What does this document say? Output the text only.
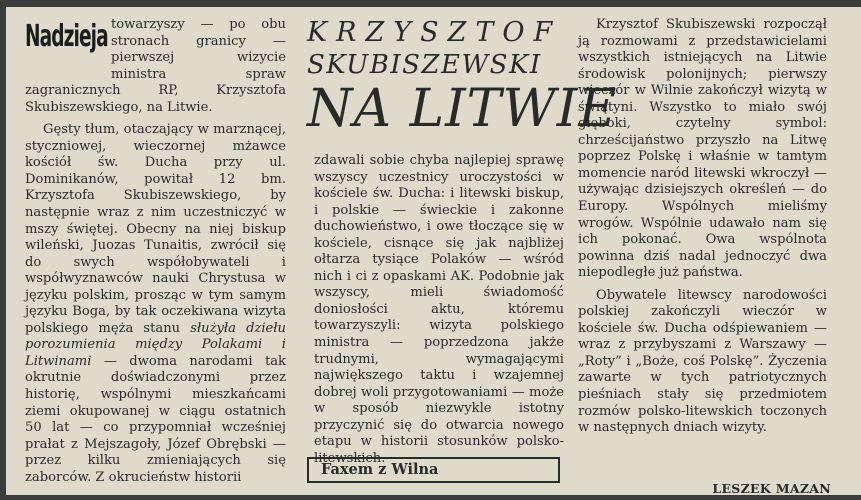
Nadzieja towarzyszy — po obu stronach granicy — pierwszej wizycie ministra spraw zagranicznych RP, Krzysztofa Skubiszewskiego, na Litwie.

Gęsty tłum, otaczający w marznącej, styczniowej, wieczornej mżawce kościół św. Ducha przy ul. Dominikanów, powitał 12 bm. Krzysztofa Skubiszewskiego, by następnie wraz z nim uczestniczyć w mszy świętej. Obecny na niej biskup wileński, Juozas Tunaitis, zwrócił się do swych współobywateli i współwyznawców nauki Chrystusa w języku polskim, prosząc w tym samym języku Boga, by tak oczekiwana wizyta polskiego męża stanu służyła dziełu porozumienia między Polakami i Litwinami — dwoma narodami tak okrutnie doświadczonymi przez historię, wspólnymi mieszkańcami ziemi okupowanej w ciągu ostatnich 50 lat — co przypomniał wcześniej prałat z Mejszagoły, Józef Obrębski — przez kilku zmieniających się zaborców. Z okrucieństw historii

KRZYSZTOF
SKUBISZEWSKI
NA LITWIE

zdawali sobie chyba najlepiej sprawę wszyscy uczestnicy uroczystości w kościele św. Ducha: i litewski biskup, i polskie — świeckie i zakonne duchowieństwo, i owe tłoczące się w kościele, cisnące się jak najbliżej ołtarza tysiące Polaków — wśród nich i ci z opaskami AK. Podobnie jak wszyscy, mieli świadomość doniosłości aktu, któremu towarzyszyli: wizyta polskiego ministra — poprzedzona jakże trudnymi, wymagającymi największego taktu i wzajemnej dobrej woli przygotowaniami — może w sposób niezwykle istotny przyczynić się do otwarcia nowego etapu w historii stosunków polsko-litewskich.

Faxem z Wilna

Krzysztof Skubiszewski rozpoczął ją rozmowami z przedstawicielami wszystkich istniejących na Litwie środowisk polonijnych; pierwszy wieczór w Wilnie zakończył wizytą w świątyni. Wszystko to miało swój głęboki, czytelny symbol: chrześcijaństwo przyszło na Litwę poprzez Polskę i właśnie w tamtym momencie naród litewski wkroczył — używając dzisiejszych określeń — do Europy. Wspólnych mieliśmy wrogów. Wspólnie udawało nam się ich pokonać. Owa wspólnota powinna dziś nadal jednoczyć dwa niepodległe już państwa.

Obywatele litewscy narodowości polskiej zakończyli wieczór w kościele św. Ducha odśpiewaniem — wraz z przybyszami z Warszawy — „Roty” i „Boże, coś Polskę”. Życzenia zawarte w tych patriotycznych pieśniach stały się przedmiotem rozmów polsko-litewskich toczonych w następnych dniach wizyty.

LESZEK MAZAN
